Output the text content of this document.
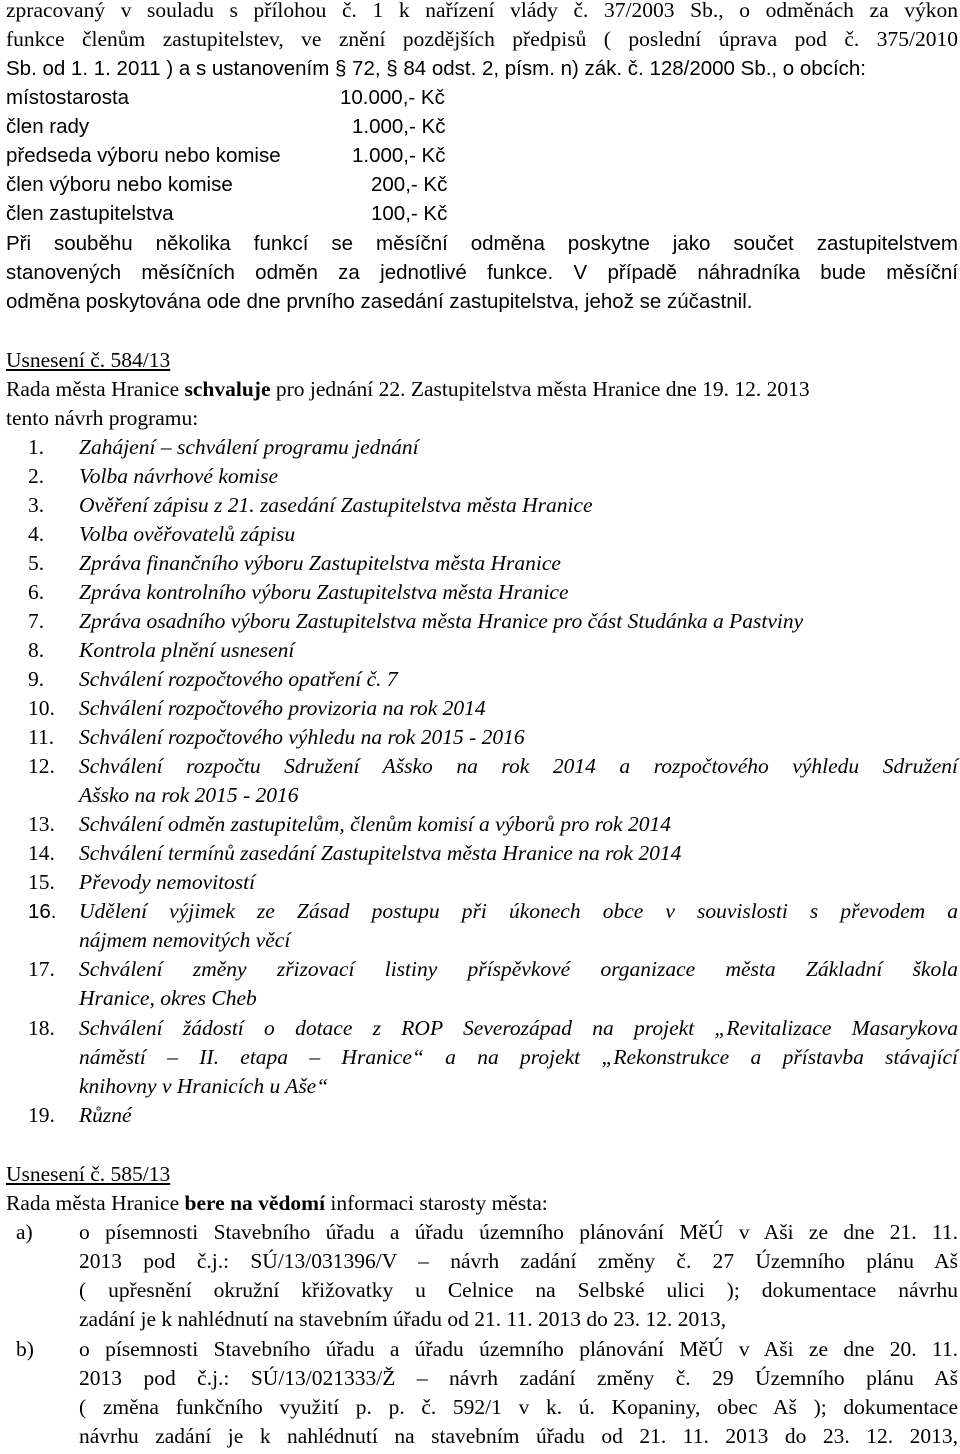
zpracovaný v souladu s přílohou č. 1 k nařízení vlády č. 37/2003 Sb., o odměnách za výkon
funkce členům zastupitelstev, ve znění pozdějších předpisů ( poslední úprava pod č. 375/2010
Sb. od 1. 1. 2011 ) a s ustanovením § 72, § 84 odst. 2, písm. n) zák. č. 128/2000 Sb., o obcích:
místostarosta	10.000,- Kč
člen rady	1.000,- Kč
předseda výboru nebo komise	1.000,- Kč
člen výboru nebo komise	200,- Kč
člen zastupitelstva	100,- Kč
Při souběhu několika funkcí se měsíční odměna poskytne jako součet zastupitelstvem
stanovených měsíčních odměn za jednotlivé funkce. V případě náhradníka bude měsíční
odměna poskytována ode dne prvního zasedání zastupitelstva, jehož se zúčastnil.
Usnesení č. 584/13
Rada města Hranice schvaluje pro jednání 22. Zastupitelstva města Hranice dne 19. 12. 2013
tento návrh programu:
1. Zahájení – schválení programu jednání
2. Volba návrhové komise
3. Ověření zápisu z 21. zasedání Zastupitelstva města Hranice
4. Volba ověřovatelů zápisu
5. Zpráva finančního výboru Zastupitelstva města Hranice
6. Zpráva kontrolního výboru Zastupitelstva města Hranice
7. Zpráva osadního výboru Zastupitelstva města Hranice pro část Studánka a Pastviny
8. Kontrola plnění usnesení
9. Schválení rozpočtového opatření č. 7
10. Schválení rozpočtového provizoria na rok 2014
11. Schválení rozpočtového výhledu na rok 2015 - 2016
12. Schválení rozpočtu Sdružení Ašsko na rok 2014 a rozpočtového výhledu Sdružení
Ašsko na rok 2015 - 2016
13. Schválení odměn zastupitelům, členům komisí a výborů pro rok 2014
14. Schválení termínů zasedání Zastupitelstva města Hranice na rok 2014
15. Převody nemovitostí
16. Udělení výjimek ze Zásad postupu při úkonech obce v souvislosti s převodem a
nájmem nemovitých věcí
17. Schválení změny zřizovací listiny příspěvkové organizace města Základní škola
Hranice, okres Cheb
18. Schválení žádostí o dotace z ROP Severozápad na projekt „Revitalizace Masarykova
náměstí – II. etapa – Hranice“ a na projekt „Rekonstrukce a přístavba stávající
knihovny v Hranicích u Aše“
19. Různé
Usnesení č. 585/13
Rada města Hranice bere na vědomí informaci starosty města:
a) o písemnosti Stavebního úřadu a úřadu územního plánování MěÚ v Aši ze dne 21. 11.
2013 pod č.j.: SÚ/13/031396/V – návrh zadání změny č. 27 Územního plánu Aš
( upřesnění okružní křižovatky u Celnice na Selbské ulici ); dokumentace návrhu
zadání je k nahlédnutí na stavebním úřadu od 21. 11. 2013 do 23. 12. 2013,
b) o písemnosti Stavebního úřadu a úřadu územního plánování MěÚ v Aši ze dne 20. 11.
2013 pod č.j.: SÚ/13/021333/Ž – návrh zadání změny č. 29 Územního plánu Aš
( změna funkčního využití p. p. č. 592/1 v k. ú. Kopaniny, obec Aš ); dokumentace
návrhu zadání je k nahlédnutí na stavebním úřadu od 21. 11. 2013 do 23. 12. 2013,
